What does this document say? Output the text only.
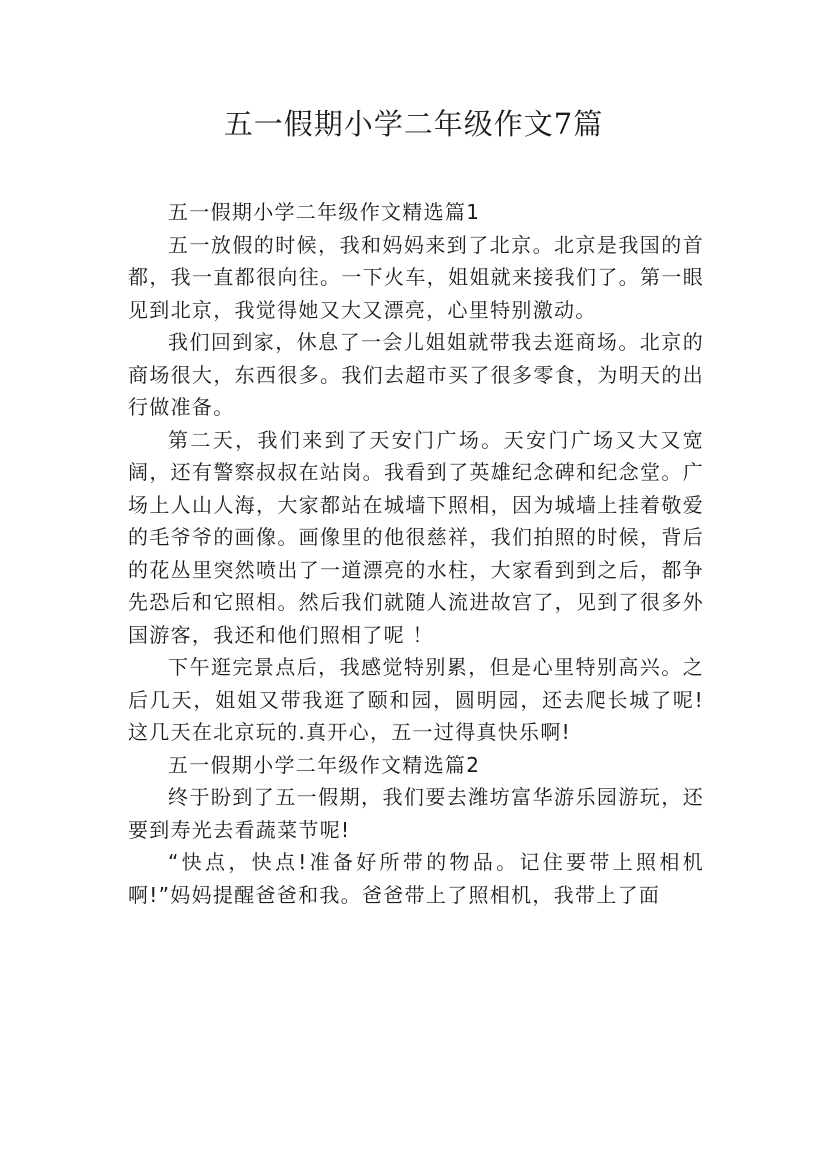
五一假期小学二年级作文7篇

五一假期小学二年级作文精选篇1

五一放假的时候，我和妈妈来到了北京。北京是我国的首都，我一直都很向往。一下火车，姐姐就来接我们了。第一眼见到北京，我觉得她又大又漂亮，心里特别激动。

我们回到家，休息了一会儿姐姐就带我去逛商场。北京的商场很大，东西很多。我们去超市买了很多零食，为明天的出行做准备。

第二天，我们来到了天安门广场。天安门广场又大又宽阔，还有警察叔叔在站岗。我看到了英雄纪念碑和纪念堂。广场上人山人海，大家都站在城墙下照相，因为城墙上挂着敬爱的毛爷爷的画像。画像里的他很慈祥，我们拍照的时候，背后的花丛里突然喷出了一道漂亮的水柱，大家看到到之后，都争先恐后和它照相。然后我们就随人流进故宫了，见到了很多外国游客，我还和他们照相了呢 ！

下午逛完景点后，我感觉特别累，但是心里特别高兴。之后几天，姐姐又带我逛了颐和园，圆明园，还去爬长城了呢!这几天在北京玩的.真开心，五一过得真快乐啊!

五一假期小学二年级作文精选篇2

终于盼到了五一假期，我们要去潍坊富华游乐园游玩，还要到寿光去看蔬菜节呢!

“快点，快点!准备好所带的物品。记住要带上照相机啊!”妈妈提醒爸爸和我。爸爸带上了照相机，我带上了面
